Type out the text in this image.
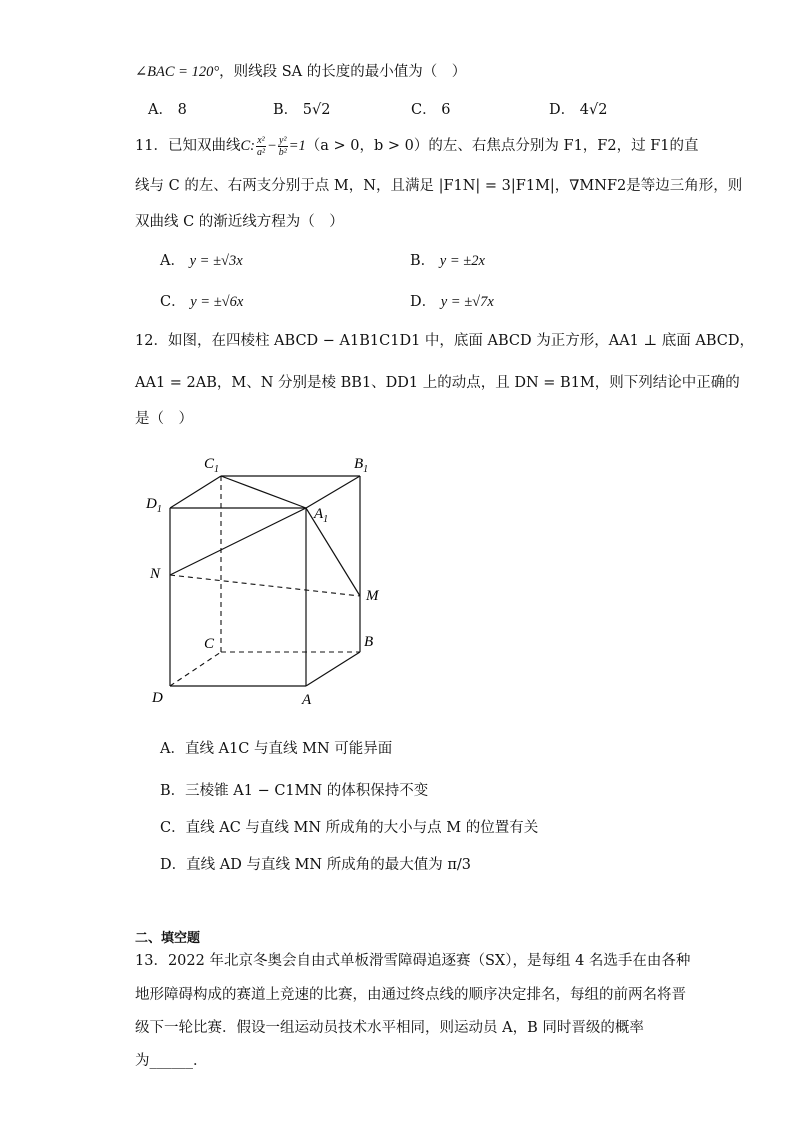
∠BAC = 120°，则线段 SA 的长度的最小值为（　）
A． 8	B． 5√2	C． 6	D． 4√2
11．已知双曲线C: $\frac{\text{x²}}{\text{a²}} - \frac{\text{y²}}{\text{b²}} =1(a > 0$，b > 0）的左、右焦点分别为 F1，F2，过 F1的直
线与 C 的左、右两支分别于点 M，N，且满足 |F1N| = 3|F1M|，∇MNF2是等边三角形，则
双曲线 C 的渐近线方程为（　）
A． y = ±√3x	B． y = ±2x
C． y = ±√6x	D． y = ±√7x
12．如图，在四棱柱 ABCD − A1B1C1D1 中，底面 ABCD 为正方形，AA1 ⊥ 底面 ABCD，
AA1 = 2AB，M、N 分别是棱 BB1、DD1 上的动点，且 DN = B1M，则下列结论中正确的
是（　）
$C_1$	$B_1$
$D_1$	$A_1$
N
M
C	B
D	A
A．直线 A1C 与直线 MN 可能异面
B．三棱锥 A1 − C1MN 的体积保持不变
C．直线 AC 与直线 MN 所成角的大小与点 M 的位置有关
D．直线 AD 与直线 MN 所成角的最大值为 π/3
二、填空题
13．2022 年北京冬奥会自由式单板滑雪障碍追逐赛（SX），是每组 4 名选手在由各种
地形障碍构成的赛道上竞速的比赛，由通过终点线的顺序决定排名，每组的前两名将晋
级下一轮比赛．假设一组运动员技术水平相同，则运动员 A，B 同时晋级的概率
为______．
